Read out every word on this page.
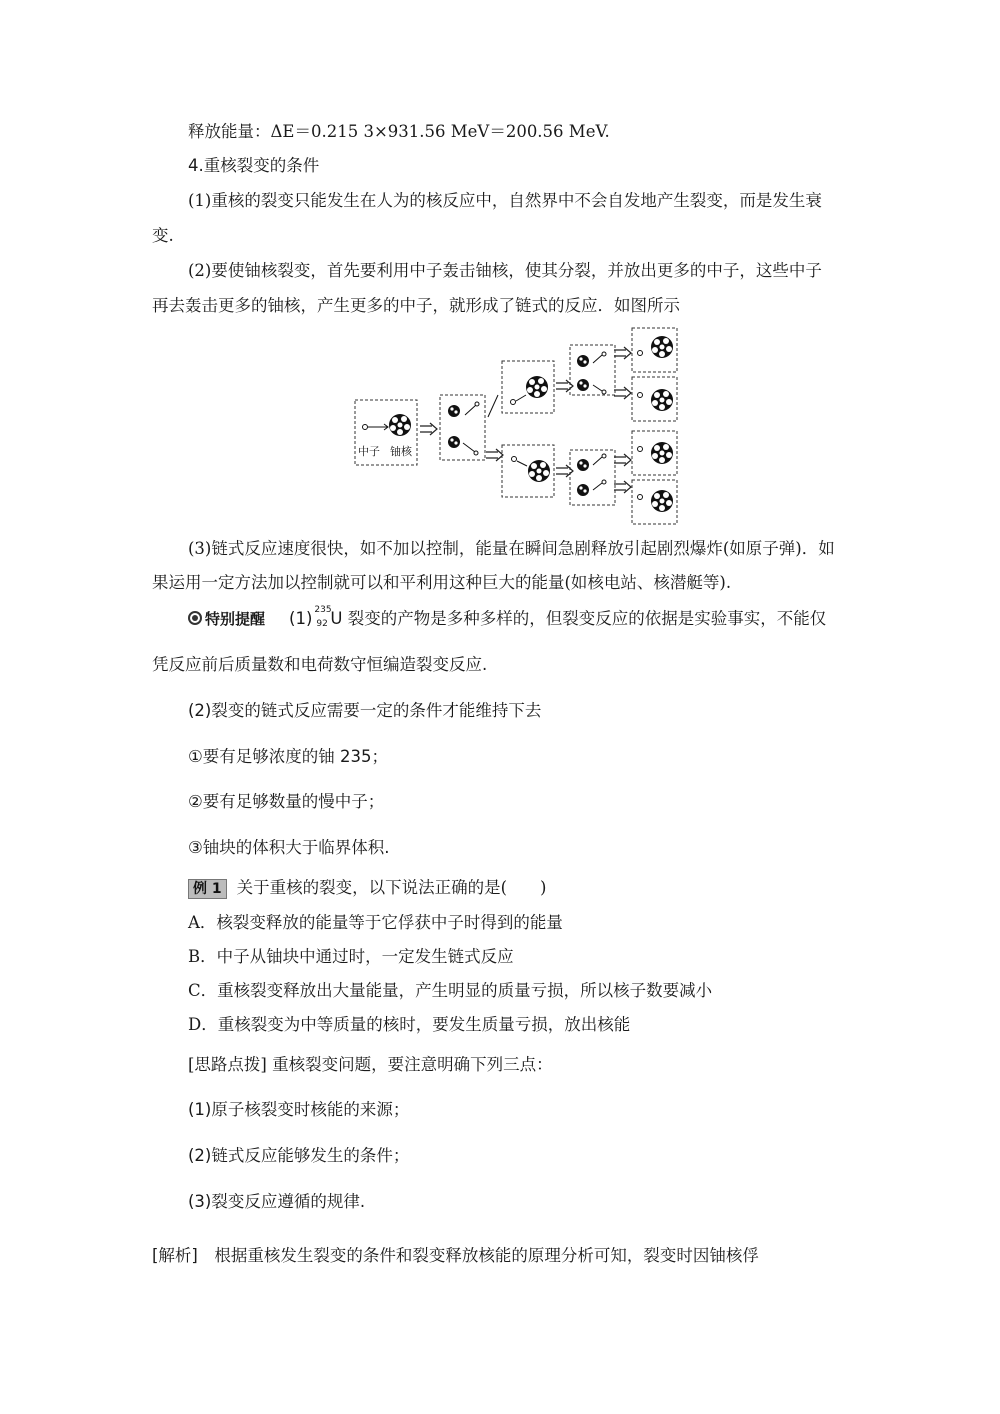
释放能量：ΔE＝0.215 3×931.56 MeV＝200.56 MeV.
4.重核裂变的条件
(1)重核的裂变只能发生在人为的核反应中，自然界中不会自发地产生裂变，而是发生衰
变.
(2)要使铀核裂变，首先要利用中子轰击铀核，使其分裂，并放出更多的中子，这些中子
再去轰击更多的铀核，产生更多的中子，就形成了链式的反应．如图所示
中子 铀核
(3)链式反应速度很快，如不加以控制，能量在瞬间急剧释放引起剧烈爆炸(如原子弹)．如
果运用一定方法加以控制就可以和平利用这种巨大的能量(如核电站、核潜艇等).
特别提醒 (1) 235
92 U 裂变的产物是多种多样的，但裂变反应的依据是实验事实，不能仅
凭反应前后质量数和电荷数守恒编造裂变反应.
(2)裂变的链式反应需要一定的条件才能维持下去
①要有足够浓度的铀 235；
②要有足够数量的慢中子；
③铀块的体积大于临界体积.
例 1 关于重核的裂变，以下说法正确的是(　　)
A．核裂变释放的能量等于它俘获中子时得到的能量
B．中子从铀块中通过时，一定发生链式反应
C．重核裂变释放出大量能量，产生明显的质量亏损，所以核子数要减小
D．重核裂变为中等质量的核时，要发生质量亏损，放出核能
[思路点拨] 重核裂变问题，要注意明确下列三点：
(1)原子核裂变时核能的来源；
(2)链式反应能够发生的条件；
(3)裂变反应遵循的规律.
[解析]　根据重核发生裂变的条件和裂变释放核能的原理分析可知，裂变时因铀核俘
